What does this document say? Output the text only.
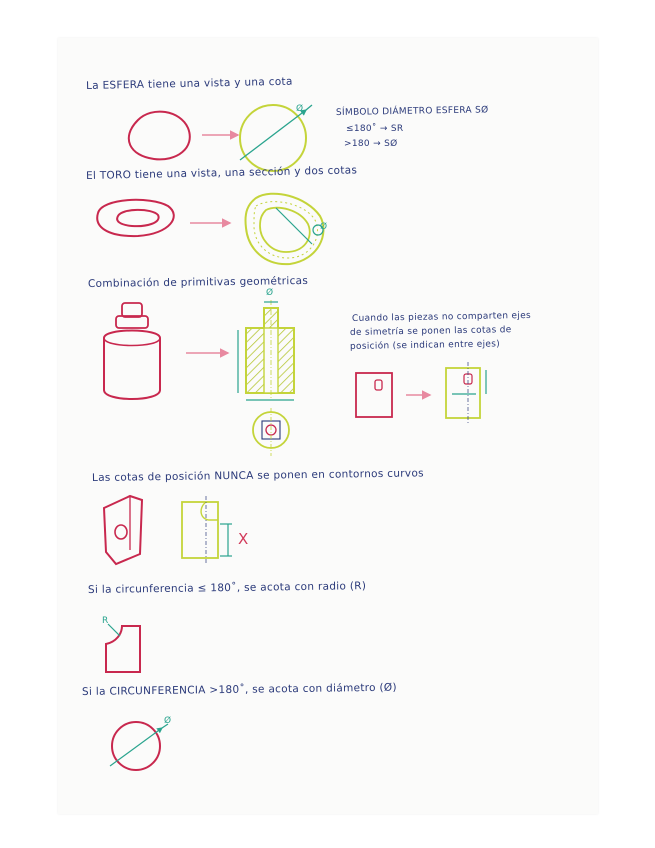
La ESFERA tiene una vista y una cota
SÍMBOLO DIÁMETRO ESFERA SØ
≤180˚ → SR
>180 → SØ
Ø
El TORO tiene una vista, una sección y dos cotas
Ø
Combinación de primitivas geométricas
Ø
Cuando las piezas no comparten ejes
de simetría se ponen las cotas de
posición (se indican entre ejes)
Las cotas de posición NUNCA se ponen en contornos curvos
X
Si la circunferencia ≤ 180˚, se acota con radio (R)
R
Si la CIRCUNFERENCIA >180˚, se acota con diámetro (Ø)
Ø
